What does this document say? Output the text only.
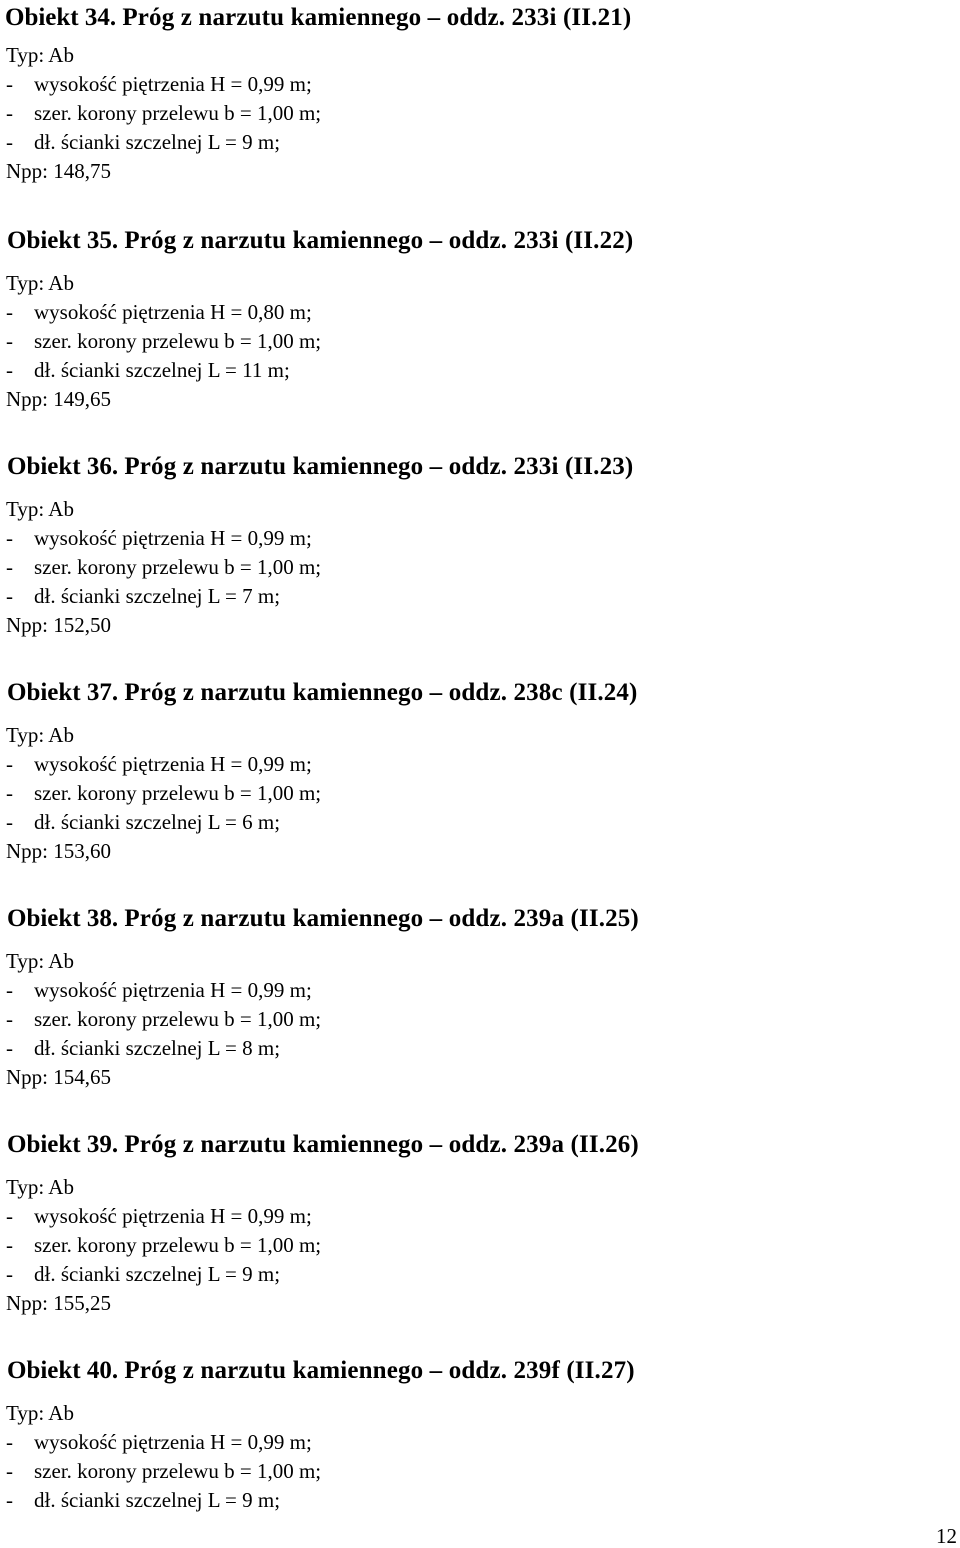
Obiekt 34. Próg z narzutu kamiennego – oddz. 233i (II.21)
Typ: Ab
- wysokość piętrzenia H = 0,99 m;
- szer. korony przelewu b = 1,00 m;
- dł. ścianki szczelnej L = 9 m;
Npp: 148,75
Obiekt 35. Próg z narzutu kamiennego – oddz. 233i (II.22)
Typ: Ab
- wysokość piętrzenia H = 0,80 m;
- szer. korony przelewu b = 1,00 m;
- dł. ścianki szczelnej L = 11 m;
Npp: 149,65
Obiekt 36. Próg z narzutu kamiennego – oddz. 233i (II.23)
Typ: Ab
- wysokość piętrzenia H = 0,99 m;
- szer. korony przelewu b = 1,00 m;
- dł. ścianki szczelnej L = 7 m;
Npp: 152,50
Obiekt 37. Próg z narzutu kamiennego – oddz. 238c (II.24)
Typ: Ab
- wysokość piętrzenia H = 0,99 m;
- szer. korony przelewu b = 1,00 m;
- dł. ścianki szczelnej L = 6 m;
Npp: 153,60
Obiekt 38. Próg z narzutu kamiennego – oddz. 239a (II.25)
Typ: Ab
- wysokość piętrzenia H = 0,99 m;
- szer. korony przelewu b = 1,00 m;
- dł. ścianki szczelnej L = 8 m;
Npp: 154,65
Obiekt 39. Próg z narzutu kamiennego – oddz. 239a (II.26)
Typ: Ab
- wysokość piętrzenia H = 0,99 m;
- szer. korony przelewu b = 1,00 m;
- dł. ścianki szczelnej L = 9 m;
Npp: 155,25
Obiekt 40. Próg z narzutu kamiennego – oddz. 239f (II.27)
Typ: Ab
- wysokość piętrzenia H = 0,99 m;
- szer. korony przelewu b = 1,00 m;
- dł. ścianki szczelnej L = 9 m;
12
